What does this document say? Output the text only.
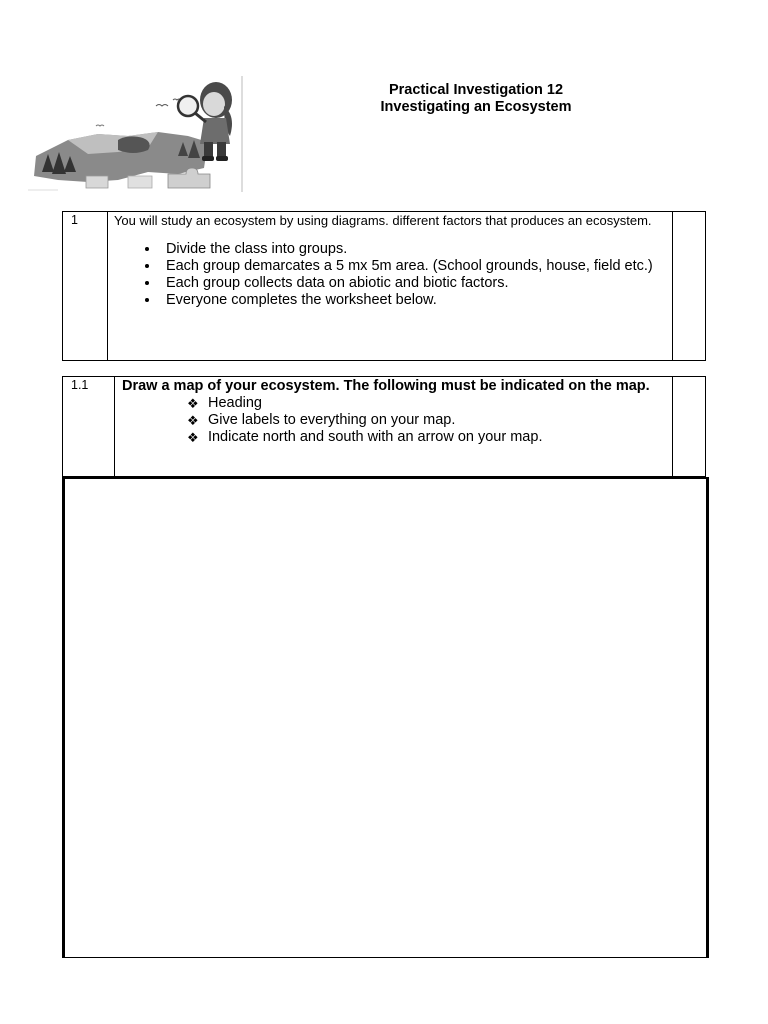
Practical Investigation 12
Investigating an Ecosystem
1	You will study an ecosystem by using diagrams. different factors that produces an ecosystem.
• Divide the class into groups.
• Each group demarcates a 5 mx 5m area. (School grounds, house, field etc.)
• Each group collects data on abiotic and biotic factors.
• Everyone completes the worksheet below.

1.1	Draw a map of your ecosystem. The following must be indicated on the map.
❖ Heading
❖ Give labels to everything on your map.
❖ Indicate north and south with an arrow on your map.
